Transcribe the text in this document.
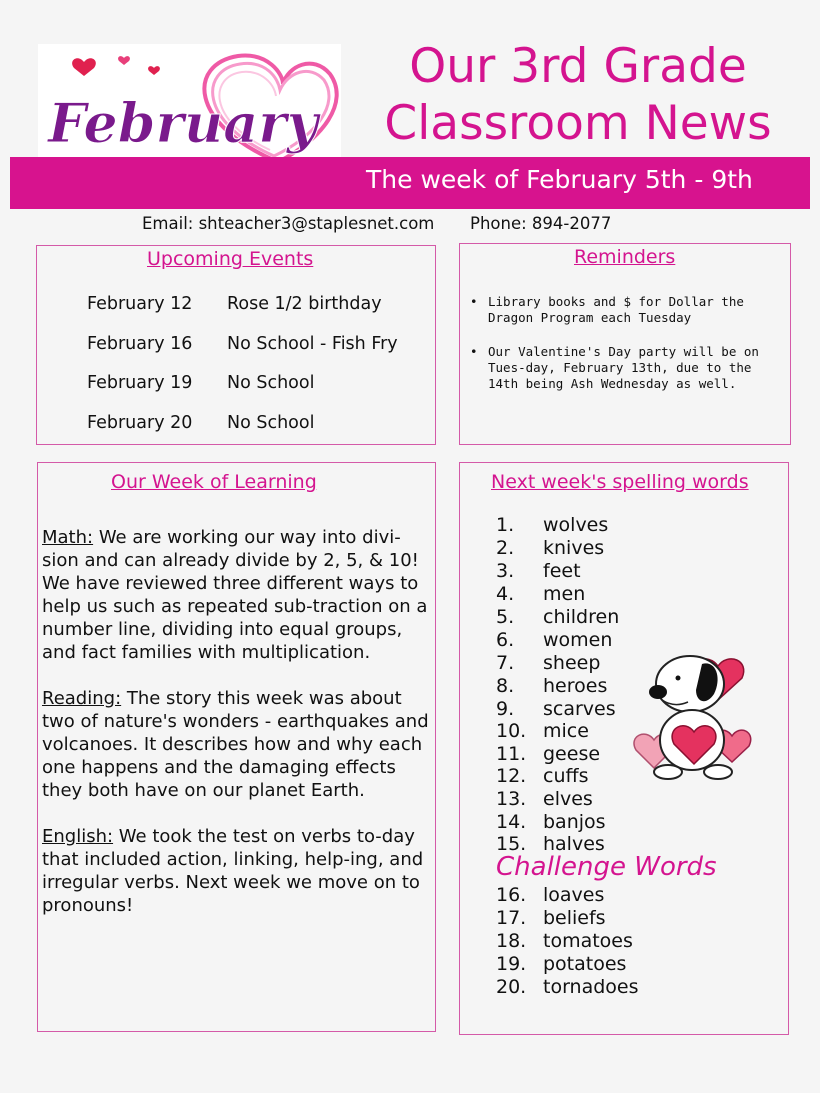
February
Our 3rd Grade
Classroom News
The week of February 5th - 9th
Email: shteacher3@staplesnet.com Phone: 894-2077
Upcoming Events
February 12 Rose 1/2 birthday
February 16 No School - Fish Fry
February 19 No School
February 20 No School
Reminders
• Library books and $ for Dollar the Dragon Program each Tuesday
• Our Valentine's Day party will be on Tues-day, February 13th, due to the 14th being Ash Wednesday as well.
Our Week of Learning

Math: We are working our way into divi-sion and can already divide by 2, 5, & 10! We have reviewed three different ways to help us such as repeated sub-traction on a number line, dividing into equal groups, and fact families with multiplication.

Reading: The story this week was about two of nature's wonders - earthquakes and volcanoes. It describes how and why each one happens and the damaging effects they both have on our planet Earth.

English: We took the test on verbs to-day that included action, linking, help-ing, and irregular verbs. Next week we move on to pronouns!

Next week's spelling words
1. wolves
2. knives
3. feet
4. men
5. children
6. women
7. sheep
8. heroes
9. scarves
10. mice
11. geese
12. cuffs
13. elves
14. banjos
15. halves
Challenge Words
16. loaves
17. beliefs
18. tomatoes
19. potatoes
20. tornadoes
